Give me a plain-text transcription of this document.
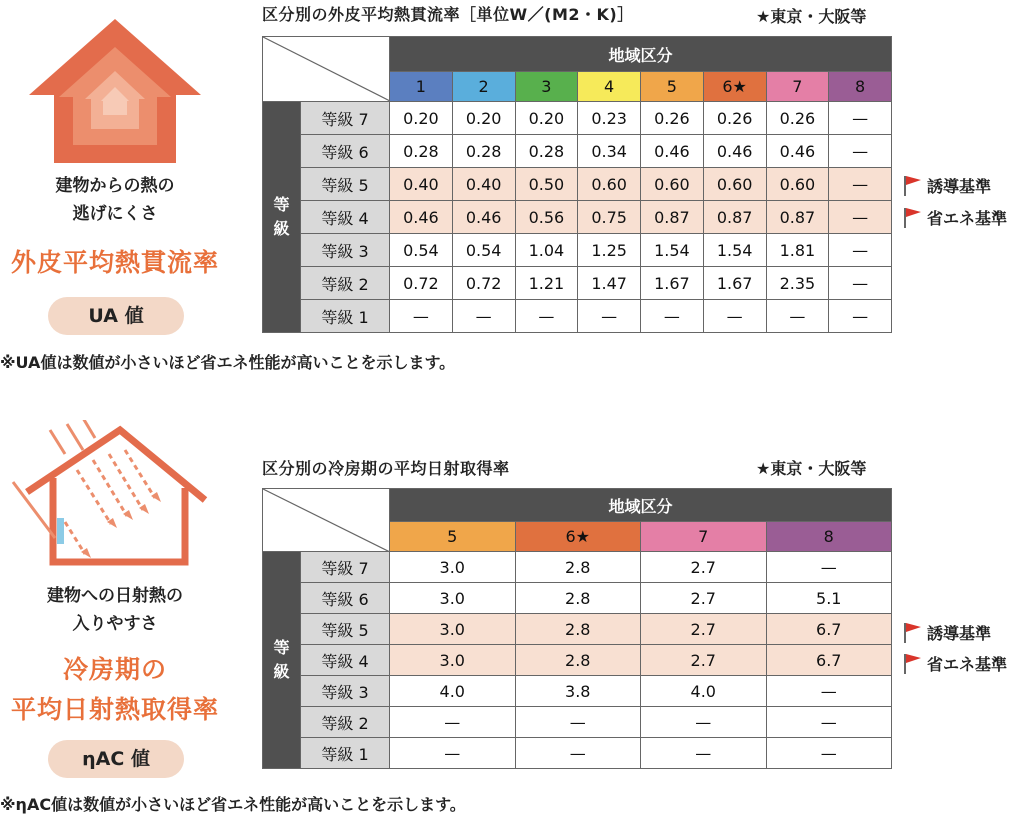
建物からの熱の
逃げにくさ
外皮平均熱貫流率
UA 値
区分別の外皮平均熱貫流率［単位W／(M2・K)］	★東京・大阪等
	地域区分							
		1	2	3	4	5	6★	7	8
等
級	等級 7	0.20	0.20	0.20	0.23	0.26	0.26	0.26	—
	等級 6	0.28	0.28	0.28	0.34	0.46	0.46	0.46	—
	等級 5	0.40	0.40	0.50	0.60	0.60	0.60	0.60	—
	等級 4	0.46	0.46	0.56	0.75	0.87	0.87	0.87	—
	等級 3	0.54	0.54	1.04	1.25	1.54	1.54	1.81	—
	等級 2	0.72	0.72	1.21	1.47	1.67	1.67	2.35	—
	等級 1	—	—	—	—	—	—	—	—
※UA値は数値が小さいほど省エネ性能が高いことを示します。
誘導基準
省エネ基準
建物への日射熱の
入りやすさ
冷房期の
平均日射熱取得率
ηAC 値
区分別の冷房期の平均日射取得率	★東京・大阪等
	地域区分			
		5	6★	7	8
等
級	等級 7	3.0	2.8	2.7	—
	等級 6	3.0	2.8	2.7	5.1
	等級 5	3.0	2.8	2.7	6.7
	等級 4	3.0	2.8	2.7	6.7
	等級 3	4.0	3.8	4.0	—
	等級 2	—	—	—	—
	等級 1	—	—	—	—
※ηAC値は数値が小さいほど省エネ性能が高いことを示します。
誘導基準
省エネ基準
